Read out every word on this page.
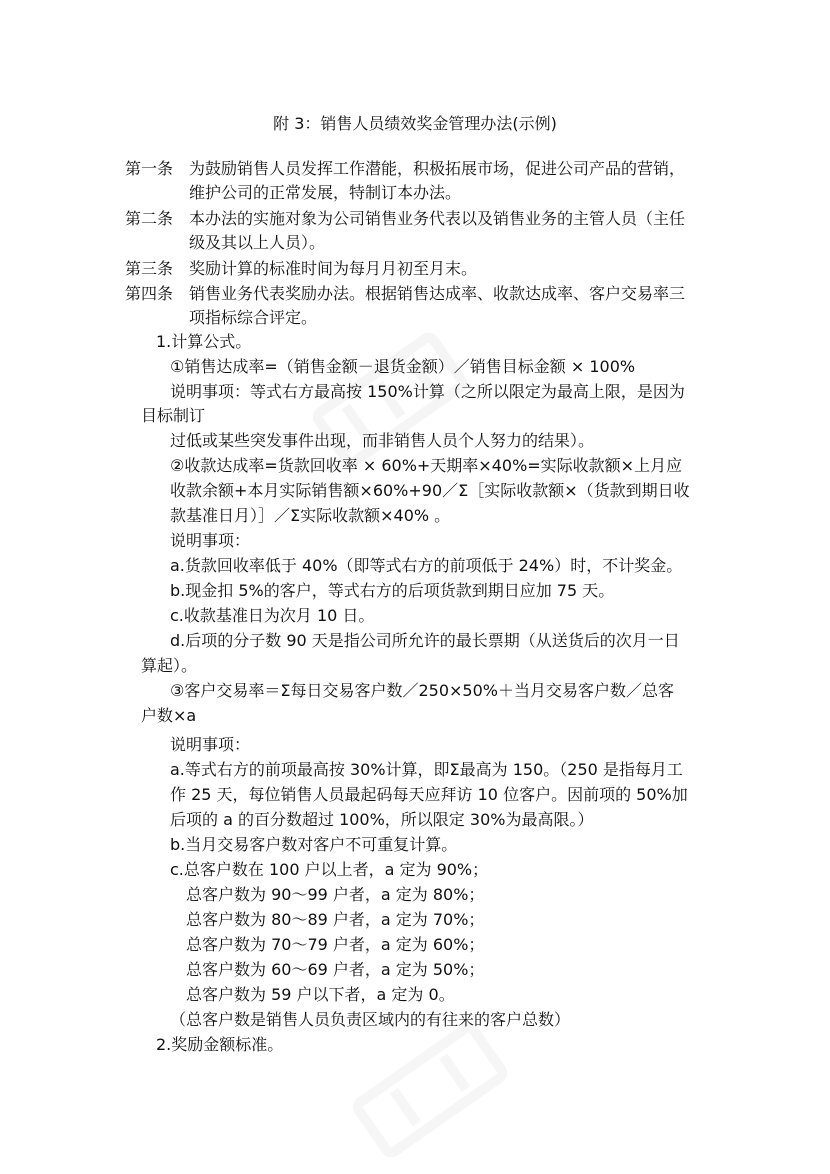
附 3：销售人员绩效奖金管理办法(示例)
第一条 为鼓励销售人员发挥工作潜能，积极拓展市场，促进公司产品的营销，
维护公司的正常发展，特制订本办法。
第二条 本办法的实施对象为公司销售业务代表以及销售业务的主管人员（主任
级及其以上人员）。
第三条 奖励计算的标准时间为每月月初至月末。
第四条 销售业务代表奖励办法。根据销售达成率、收款达成率、客户交易率三
项指标综合评定。
1.计算公式。
①销售达成率=（销售金额－退货金额）／销售目标金额 × 100%
说明事项：等式右方最高按 150%计算（之所以限定为最高上限，是因为
目标制订
过低或某些突发事件出现，而非销售人员个人努力的结果）。
②收款达成率=货款回收率 × 60%+天期率×40%=实际收款额×上月应
收款余额+本月实际销售额×60%+90／Σ［实际收款额×（货款到期日收
款基准日月）］／Σ实际收款额×40% 。
说明事项：
a.货款回收率低于 40%（即等式右方的前项低于 24%）时，不计奖金。
b.现金扣 5%的客户，等式右方的后项货款到期日应加 75 天。
c.收款基准日为次月 10 日。
d.后项的分子数 90 天是指公司所允许的最长票期（从送货后的次月一日
算起）。
③客户交易率＝Σ每日交易客户数／250×50%＋当月交易客户数／总客
户数×a
说明事项：
a.等式右方的前项最高按 30%计算，即Σ最高为 150。（250 是指每月工
作 25 天，每位销售人员最起码每天应拜访 10 位客户。因前项的 50%加
后项的 a 的百分数超过 100%，所以限定 30%为最高限。）
b.当月交易客户数对客户不可重复计算。
c.总客户数在 100 户以上者，a 定为 90%；
总客户数为 90～99 户者，a 定为 80%；
总客户数为 80～89 户者，a 定为 70%；
总客户数为 70～79 户者，a 定为 60%；
总客户数为 60～69 户者，a 定为 50%；
总客户数为 59 户以下者，a 定为 0。
（总客户数是销售人员负责区域内的有往来的客户总数）
2.奖励金额标准。
